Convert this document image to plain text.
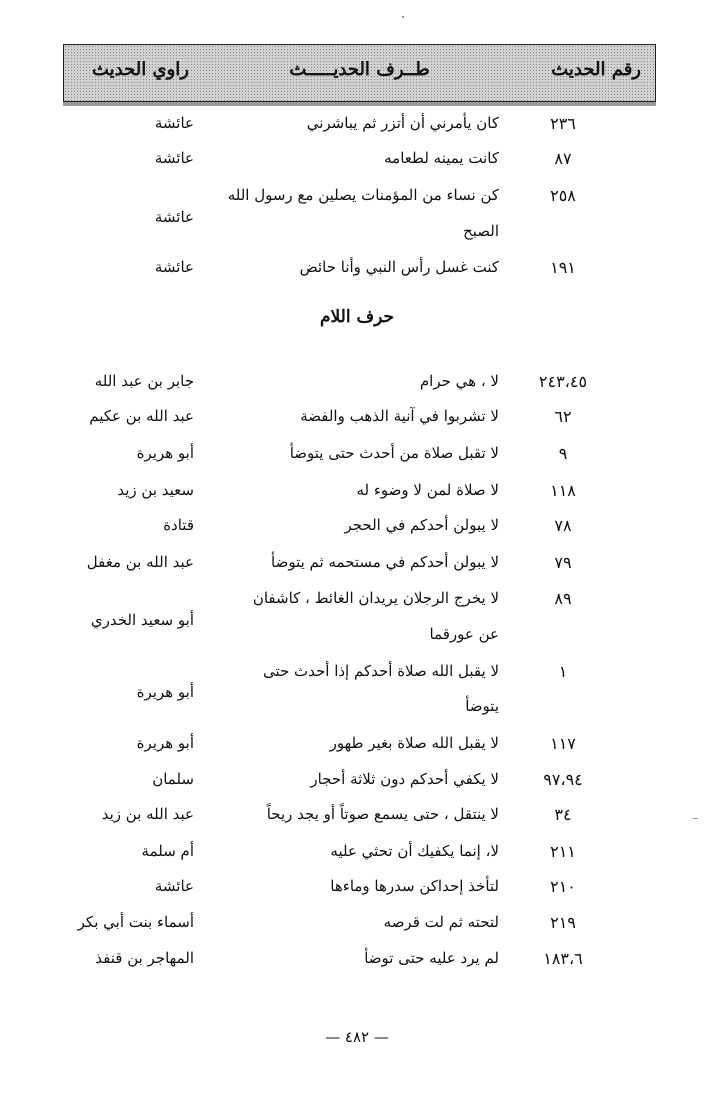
رقم الحديث
طــرف الحديـــــث
راوي الحديث
٢٣٦
كان يأمرني أن أتزر ثم يباشرني
عائشة
٨٧
كانت يمينه لطعامه
عائشة
٢٥٨
كن نساء من المؤمنات يصلين مع رسول الله
الصبح
عائشة
١٩١
كنت غسل رأس النبي وأنا حائض
عائشة
حرف اللام
٢٤٣،٤٥
لا ، هي حرام
جابر بن عبد الله
٦٢
لا تشربوا في آنية الذهب والفضة
عبد الله بن عكيم
٩
لا تقبل صلاة من أحدث حتى يتوضأ
أبو هريرة
١١٨
لا صلاة لمن لا وضوء له
سعيد بن زيد
٧٨
لا يبولن أحدكم في الحجر
قتادة
٧٩
لا يبولن أحدكم في مستحمه ثم يتوضأ
عبد الله بن مغفل
٨٩
لا يخرج الرجلان يريدان الغائط ، كاشفان
عن عورقما
أبو سعيد الخدري
١
لا يقبل الله صلاة أحدكم إذا أحدث حتى
يتوضأ
أبو هريرة
١١٧
لا يقبل الله صلاة بغير طهور
أبو هريرة
٩٧،٩٤
لا يكفي أحدكم دون ثلاثة أحجار
سلمان
٣٤
لا ينتقل ، حتى يسمع صوتاً أو يجد ريحاً
عبد الله بن زيد
٢١١
لا، إنما يكفيك أن تحثي عليه
أم سلمة
٢١٠
لتأخذ إحداكن سدرها وماءها
عائشة
٢١٩
لتحته ثم لت قرصه
أسماء بنت أبي بكر
١٨٣،٦
لم يرد عليه حتى توضأ
المهاجر بن قنفذ
— ٤٨٢ —
